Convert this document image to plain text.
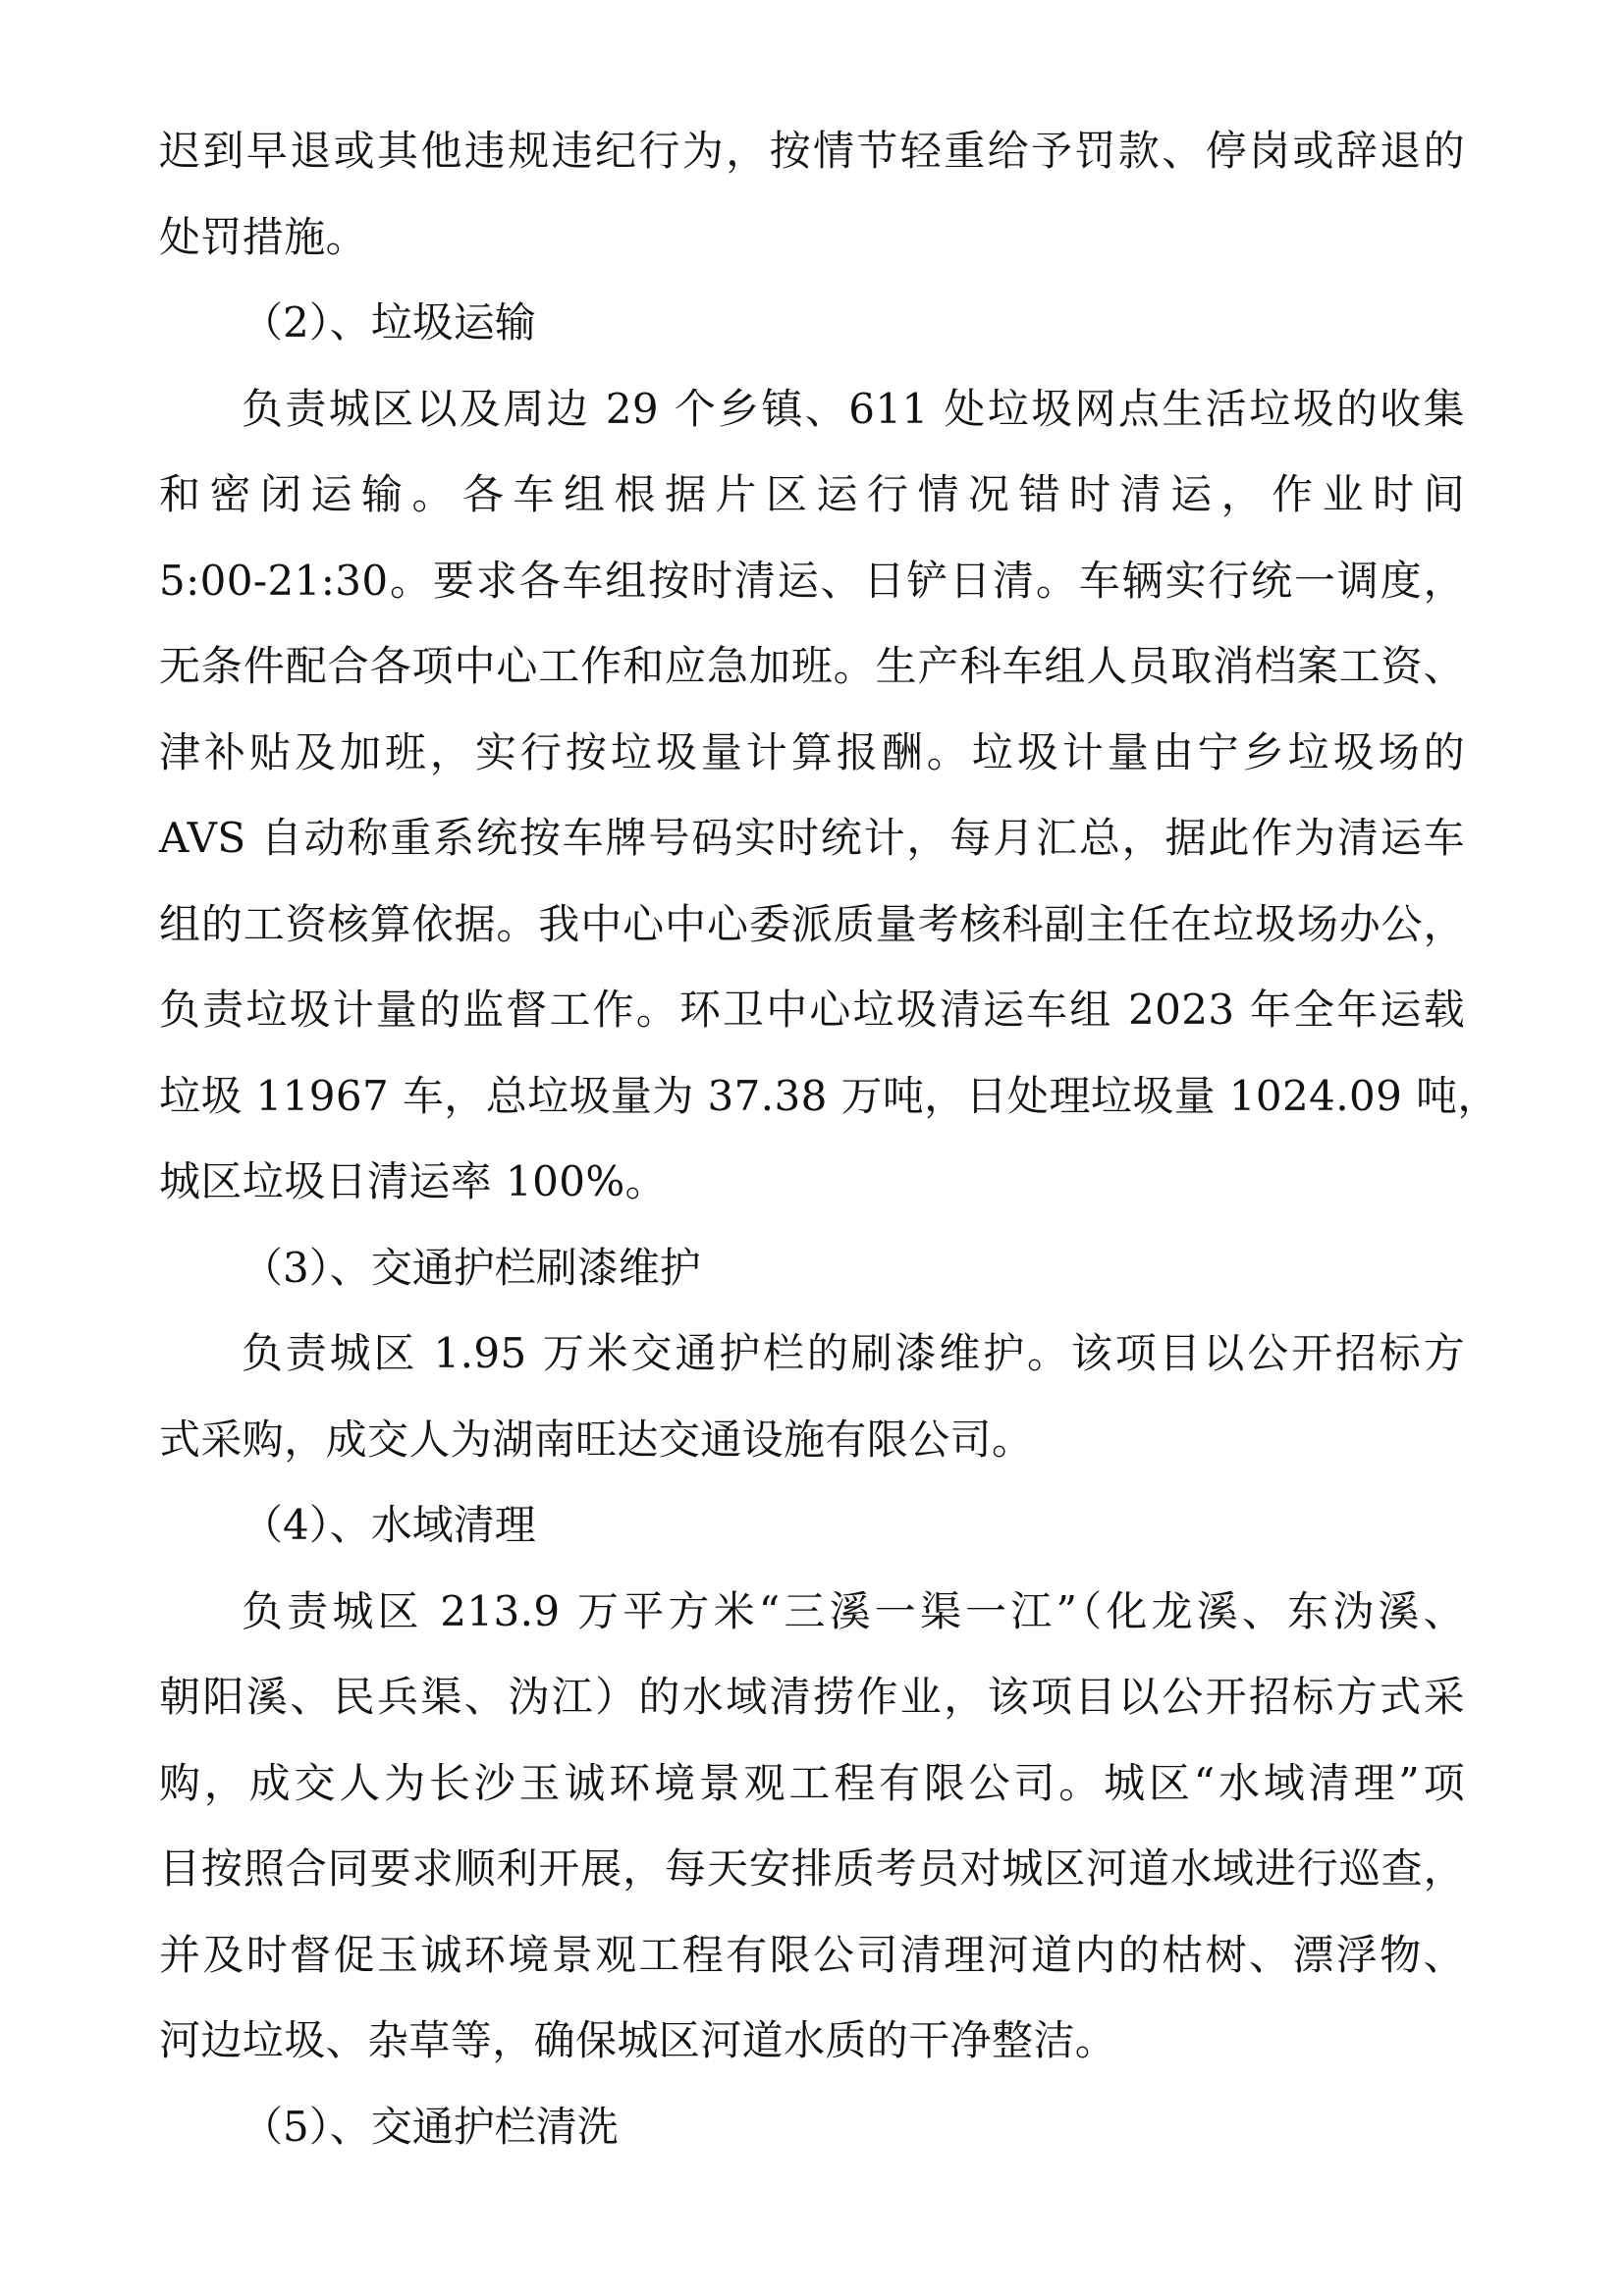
迟到早退或其他违规违纪行为，按情节轻重给予罚款、停岗或辞退的
处罚措施。
（2）、垃圾运输
负责城区以及周边 29 个乡镇、611 处垃圾网点生活垃圾的收集
和密闭运输。各车组根据片区运行情况错时清运，作业时间
5:00-21:30。要求各车组按时清运、日铲日清。车辆实行统一调度，
无条件配合各项中心工作和应急加班。生产科车组人员取消档案工资、
津补贴及加班，实行按垃圾量计算报酬。垃圾计量由宁乡垃圾场的
AVS 自动称重系统按车牌号码实时统计，每月汇总，据此作为清运车
组的工资核算依据。我中心中心委派质量考核科副主任在垃圾场办公，
负责垃圾计量的监督工作。环卫中心垃圾清运车组 2023 年全年运载
垃圾 11967 车，总垃圾量为 37.38 万吨，日处理垃圾量 1024.09 吨，
城区垃圾日清运率 100%。
（3）、交通护栏刷漆维护
负责城区 1.95 万米交通护栏的刷漆维护。该项目以公开招标方
式采购，成交人为湖南旺达交通设施有限公司。
（4）、水域清理
负责城区 213.9 万平方米“三溪一渠一江”（化龙溪、东沩溪、
朝阳溪、民兵渠、沩江）的水域清捞作业，该项目以公开招标方式采
购，成交人为长沙玉诚环境景观工程有限公司。城区“水域清理”项
目按照合同要求顺利开展，每天安排质考员对城区河道水域进行巡查，
并及时督促玉诚环境景观工程有限公司清理河道内的枯树、漂浮物、
河边垃圾、杂草等，确保城区河道水质的干净整洁。
（5）、交通护栏清洗
